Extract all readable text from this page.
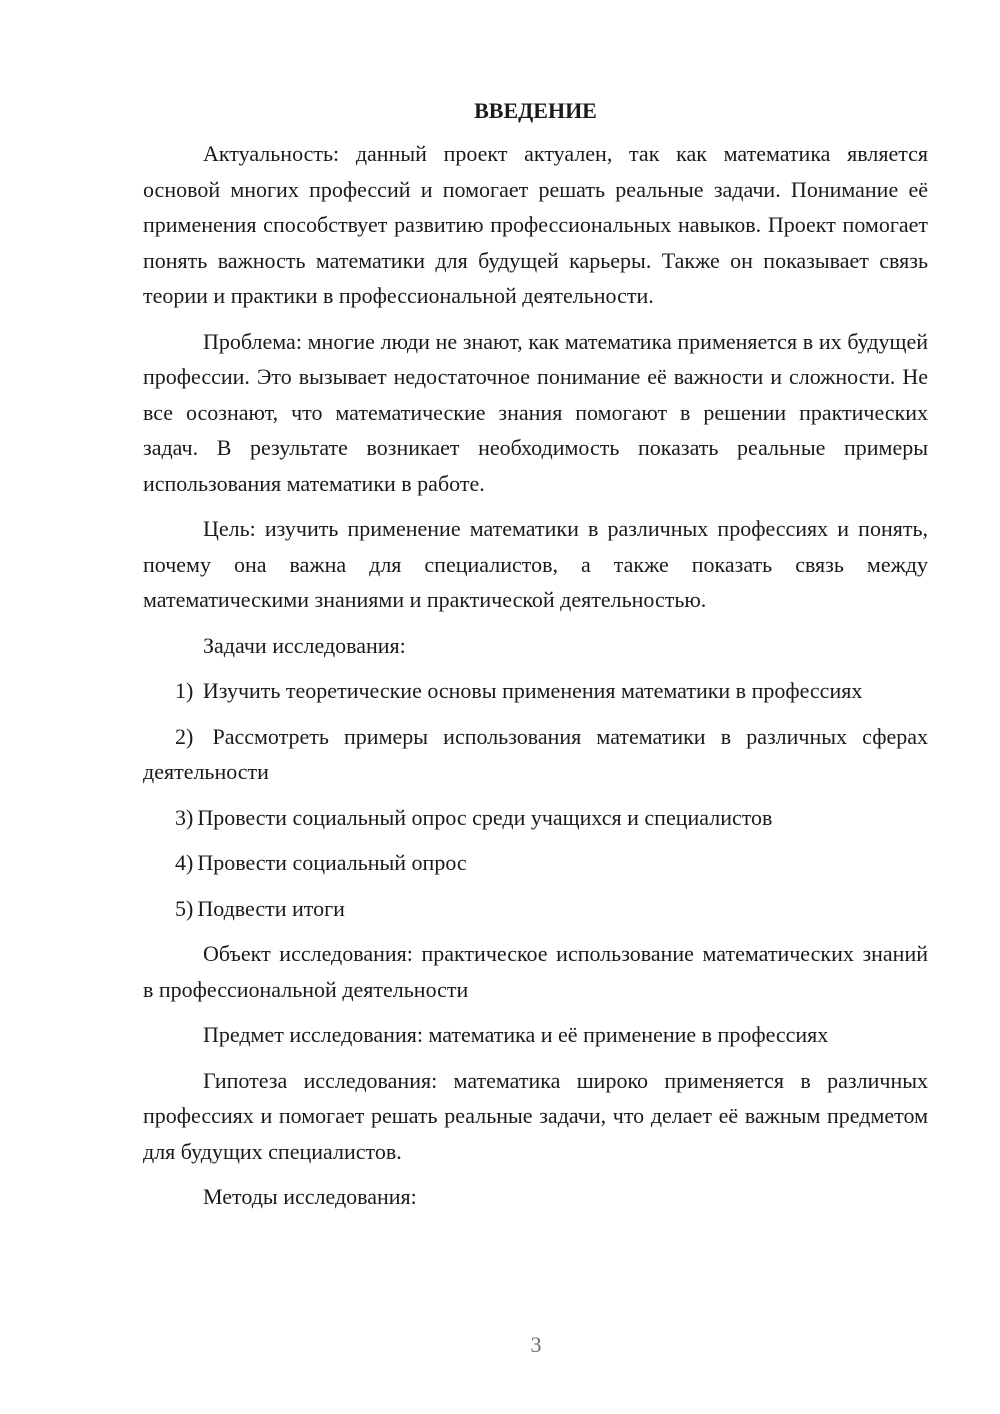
ВВЕДЕНИЕ

Актуальность: данный проект актуален, так как математика является основой многих профессий и помогает решать реальные задачи. Понимание её применения способствует развитию профессиональных навыков. Проект помогает понять важность математики для будущей карьеры. Также он показывает связь теории и практики в профессиональной деятельности.

Проблема: многие люди не знают, как математика применяется в их будущей профессии. Это вызывает недостаточное понимание её важности и сложности. Не все осознают, что математические знания помогают в решении практических задач. В результате возникает необходимость показать реальные примеры использования математики в работе.

Цель: изучить применение математики в различных профессиях и понять, почему она важна для специалистов, а также показать связь между математическими знаниями и практической деятельностью.

Задачи исследования:

1) Изучить теоретические основы применения математики в профессиях

2) Рассмотреть примеры использования математики в различных сферах деятельности

3) Провести социальный опрос среди учащихся и специалистов

4) Провести социальный опрос

5) Подвести итоги

Объект исследования: практическое использование математических знаний в профессиональной деятельности

Предмет исследования: математика и её применение в профессиях

Гипотеза исследования: математика широко применяется в различных профессиях и помогает решать реальные задачи, что делает её важным предметом для будущих специалистов.

Методы исследования:

3
